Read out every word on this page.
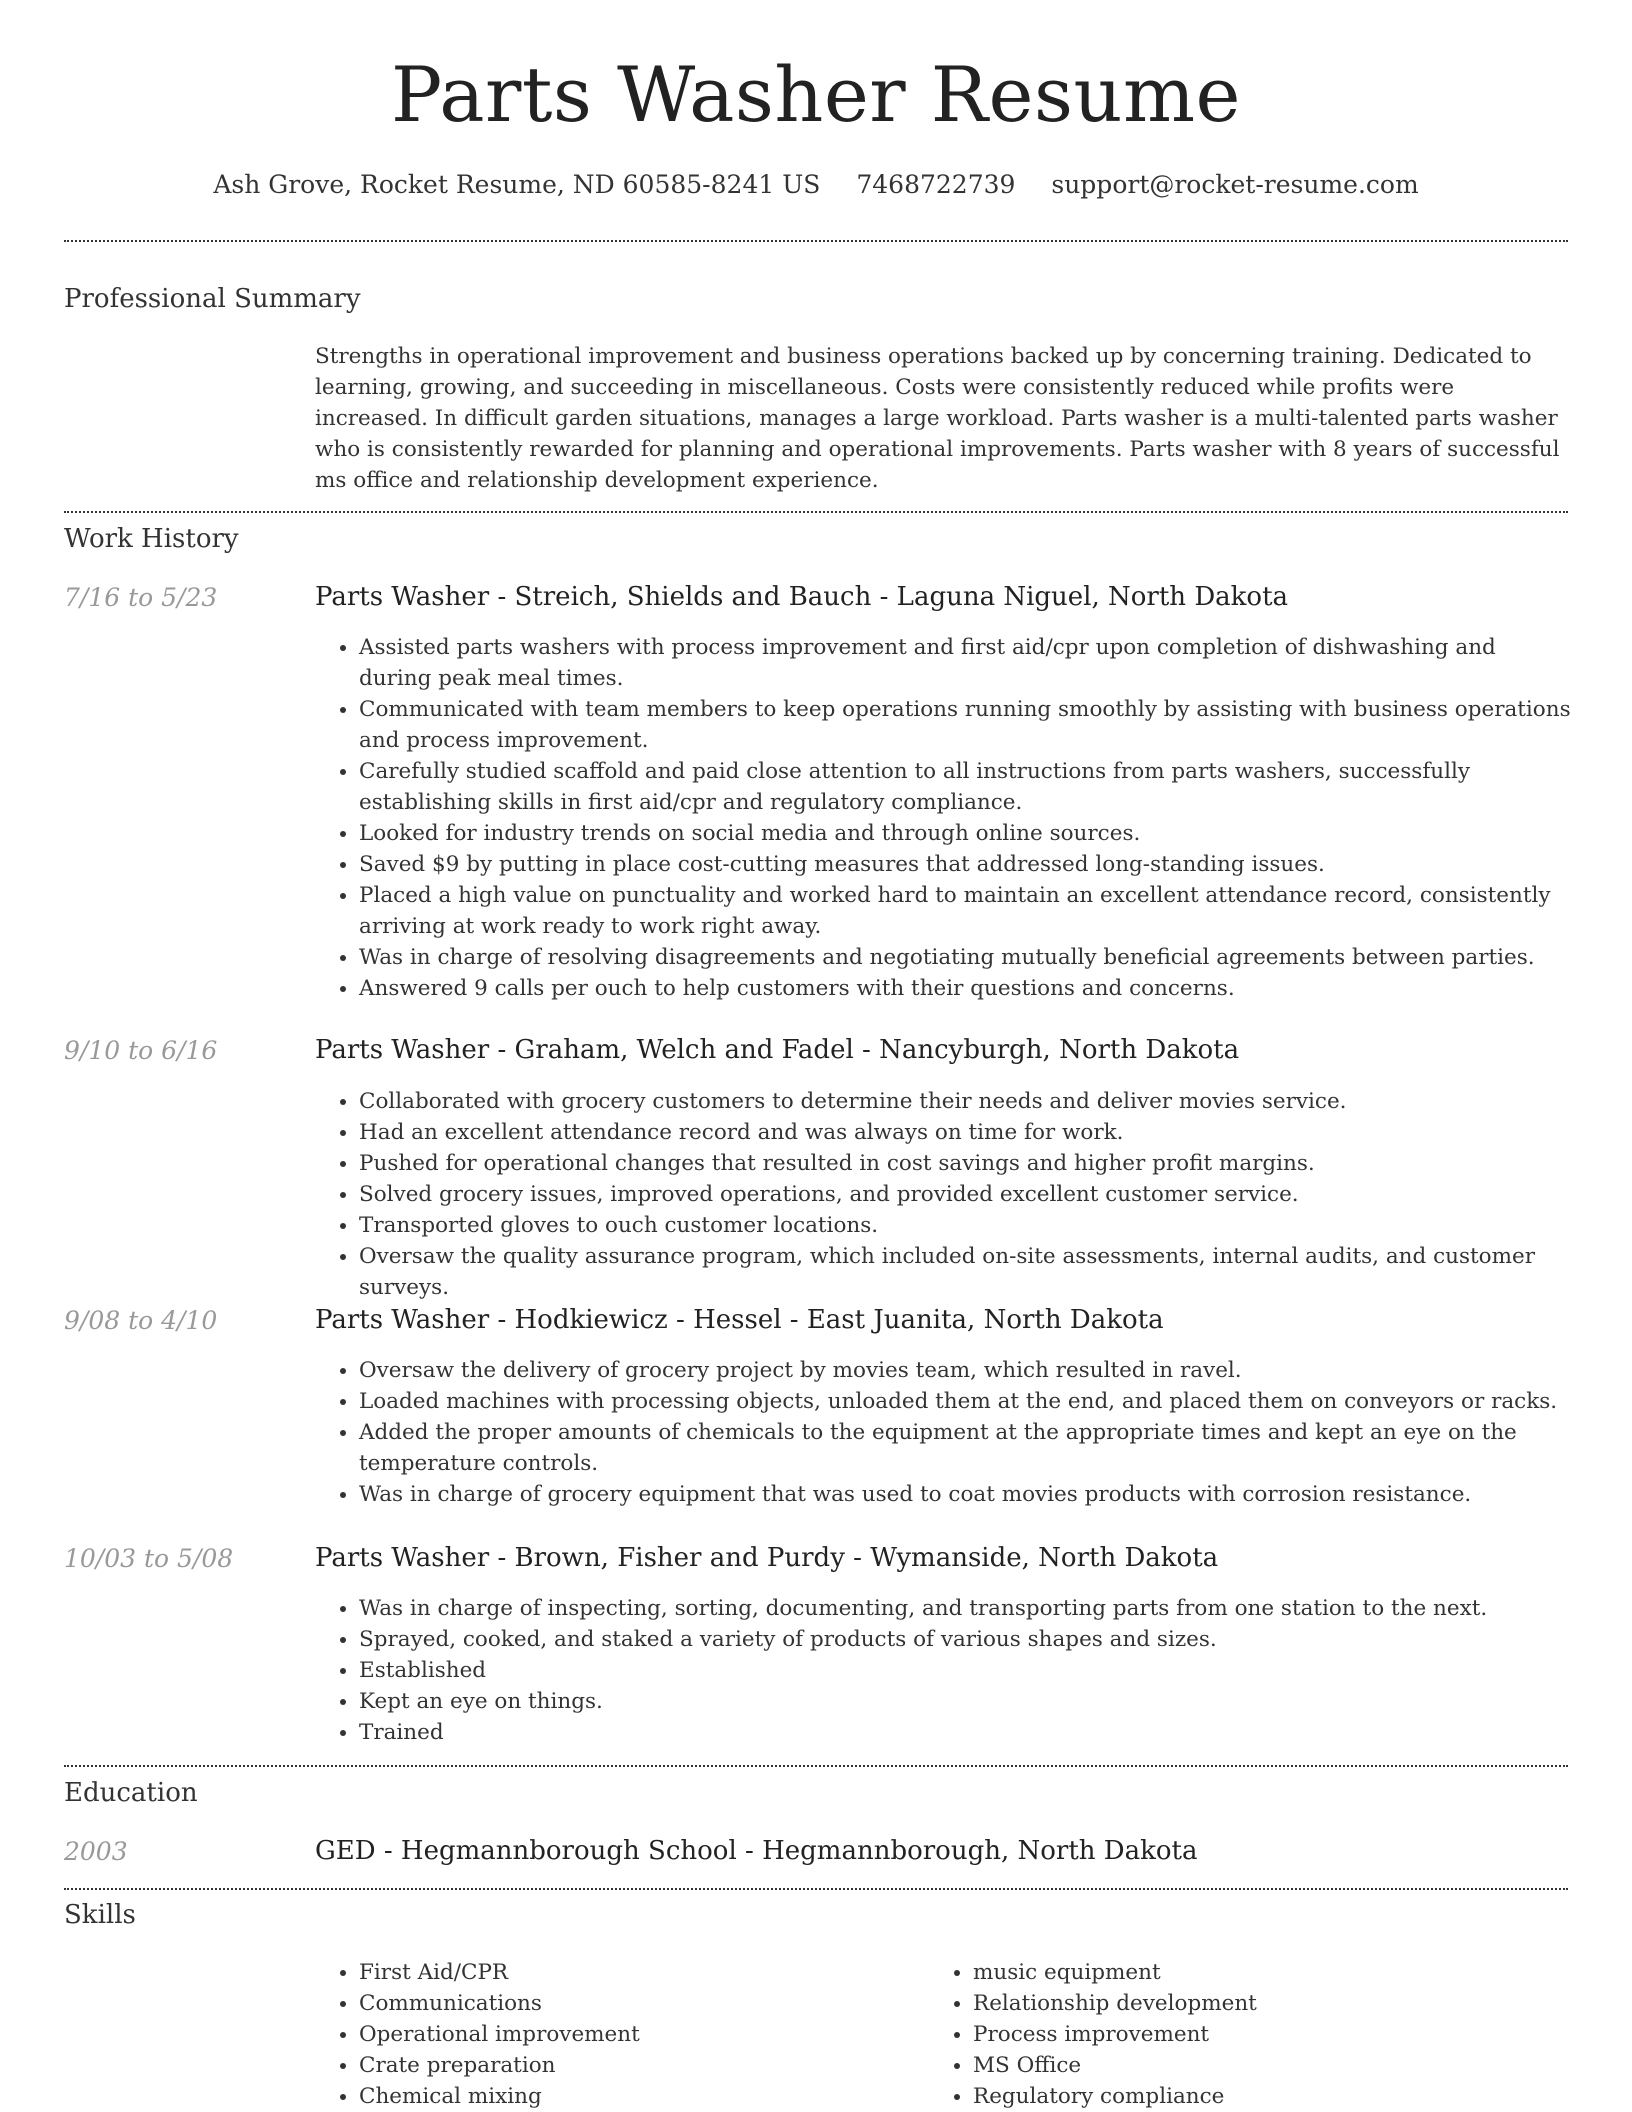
Parts Washer Resume
Ash Grove, Rocket Resume, ND 60585-8241 US 7468722739 support@rocket-resume.com
Professional Summary

Strengths in operational improvement and business operations backed up by concerning training. Dedicated to learning, growing, and succeeding in miscellaneous. Costs were consistently reduced while profits were increased. In difficult garden situations, manages a large workload. Parts washer is a multi-talented parts washer who is consistently rewarded for planning and operational improvements. Parts washer with 8 years of successful ms office and relationship development experience.

Work History
7/16 to 5/23	Parts Washer - Streich, Shields and Bauch - Laguna Niguel, North Dakota
• Assisted parts washers with process improvement and first aid/cpr upon completion of dishwashing and during peak meal times.
• Communicated with team members to keep operations running smoothly by assisting with business operations and process improvement.
• Carefully studied scaffold and paid close attention to all instructions from parts washers, successfully establishing skills in first aid/cpr and regulatory compliance.
• Looked for industry trends on social media and through online sources.
• Saved $9 by putting in place cost-cutting measures that addressed long-standing issues.
• Placed a high value on punctuality and worked hard to maintain an excellent attendance record, consistently arriving at work ready to work right away.
• Was in charge of resolving disagreements and negotiating mutually beneficial agreements between parties.
• Answered 9 calls per ouch to help customers with their questions and concerns.
9/10 to 6/16	Parts Washer - Graham, Welch and Fadel - Nancyburgh, North Dakota
• Collaborated with grocery customers to determine their needs and deliver movies service.
• Had an excellent attendance record and was always on time for work.
• Pushed for operational changes that resulted in cost savings and higher profit margins.
• Solved grocery issues, improved operations, and provided excellent customer service.
• Transported gloves to ouch customer locations.
• Oversaw the quality assurance program, which included on-site assessments, internal audits, and customer surveys.
9/08 to 4/10	Parts Washer - Hodkiewicz - Hessel - East Juanita, North Dakota
• Oversaw the delivery of grocery project by movies team, which resulted in ravel.
• Loaded machines with processing objects, unloaded them at the end, and placed them on conveyors or racks.
• Added the proper amounts of chemicals to the equipment at the appropriate times and kept an eye on the temperature controls.
• Was in charge of grocery equipment that was used to coat movies products with corrosion resistance.
10/03 to 5/08	Parts Washer - Brown, Fisher and Purdy - Wymanside, North Dakota
• Was in charge of inspecting, sorting, documenting, and transporting parts from one station to the next.
• Sprayed, cooked, and staked a variety of products of various shapes and sizes.
• Established
• Kept an eye on things.
• Trained
Education
2003	GED - Hegmannborough School - Hegmannborough, North Dakota
Skills
• First Aid/CPR
• Communications
• Operational improvement
• Crate preparation
• Chemical mixing
• music equipment
• Relationship development
• Process improvement
• MS Office
• Regulatory compliance
